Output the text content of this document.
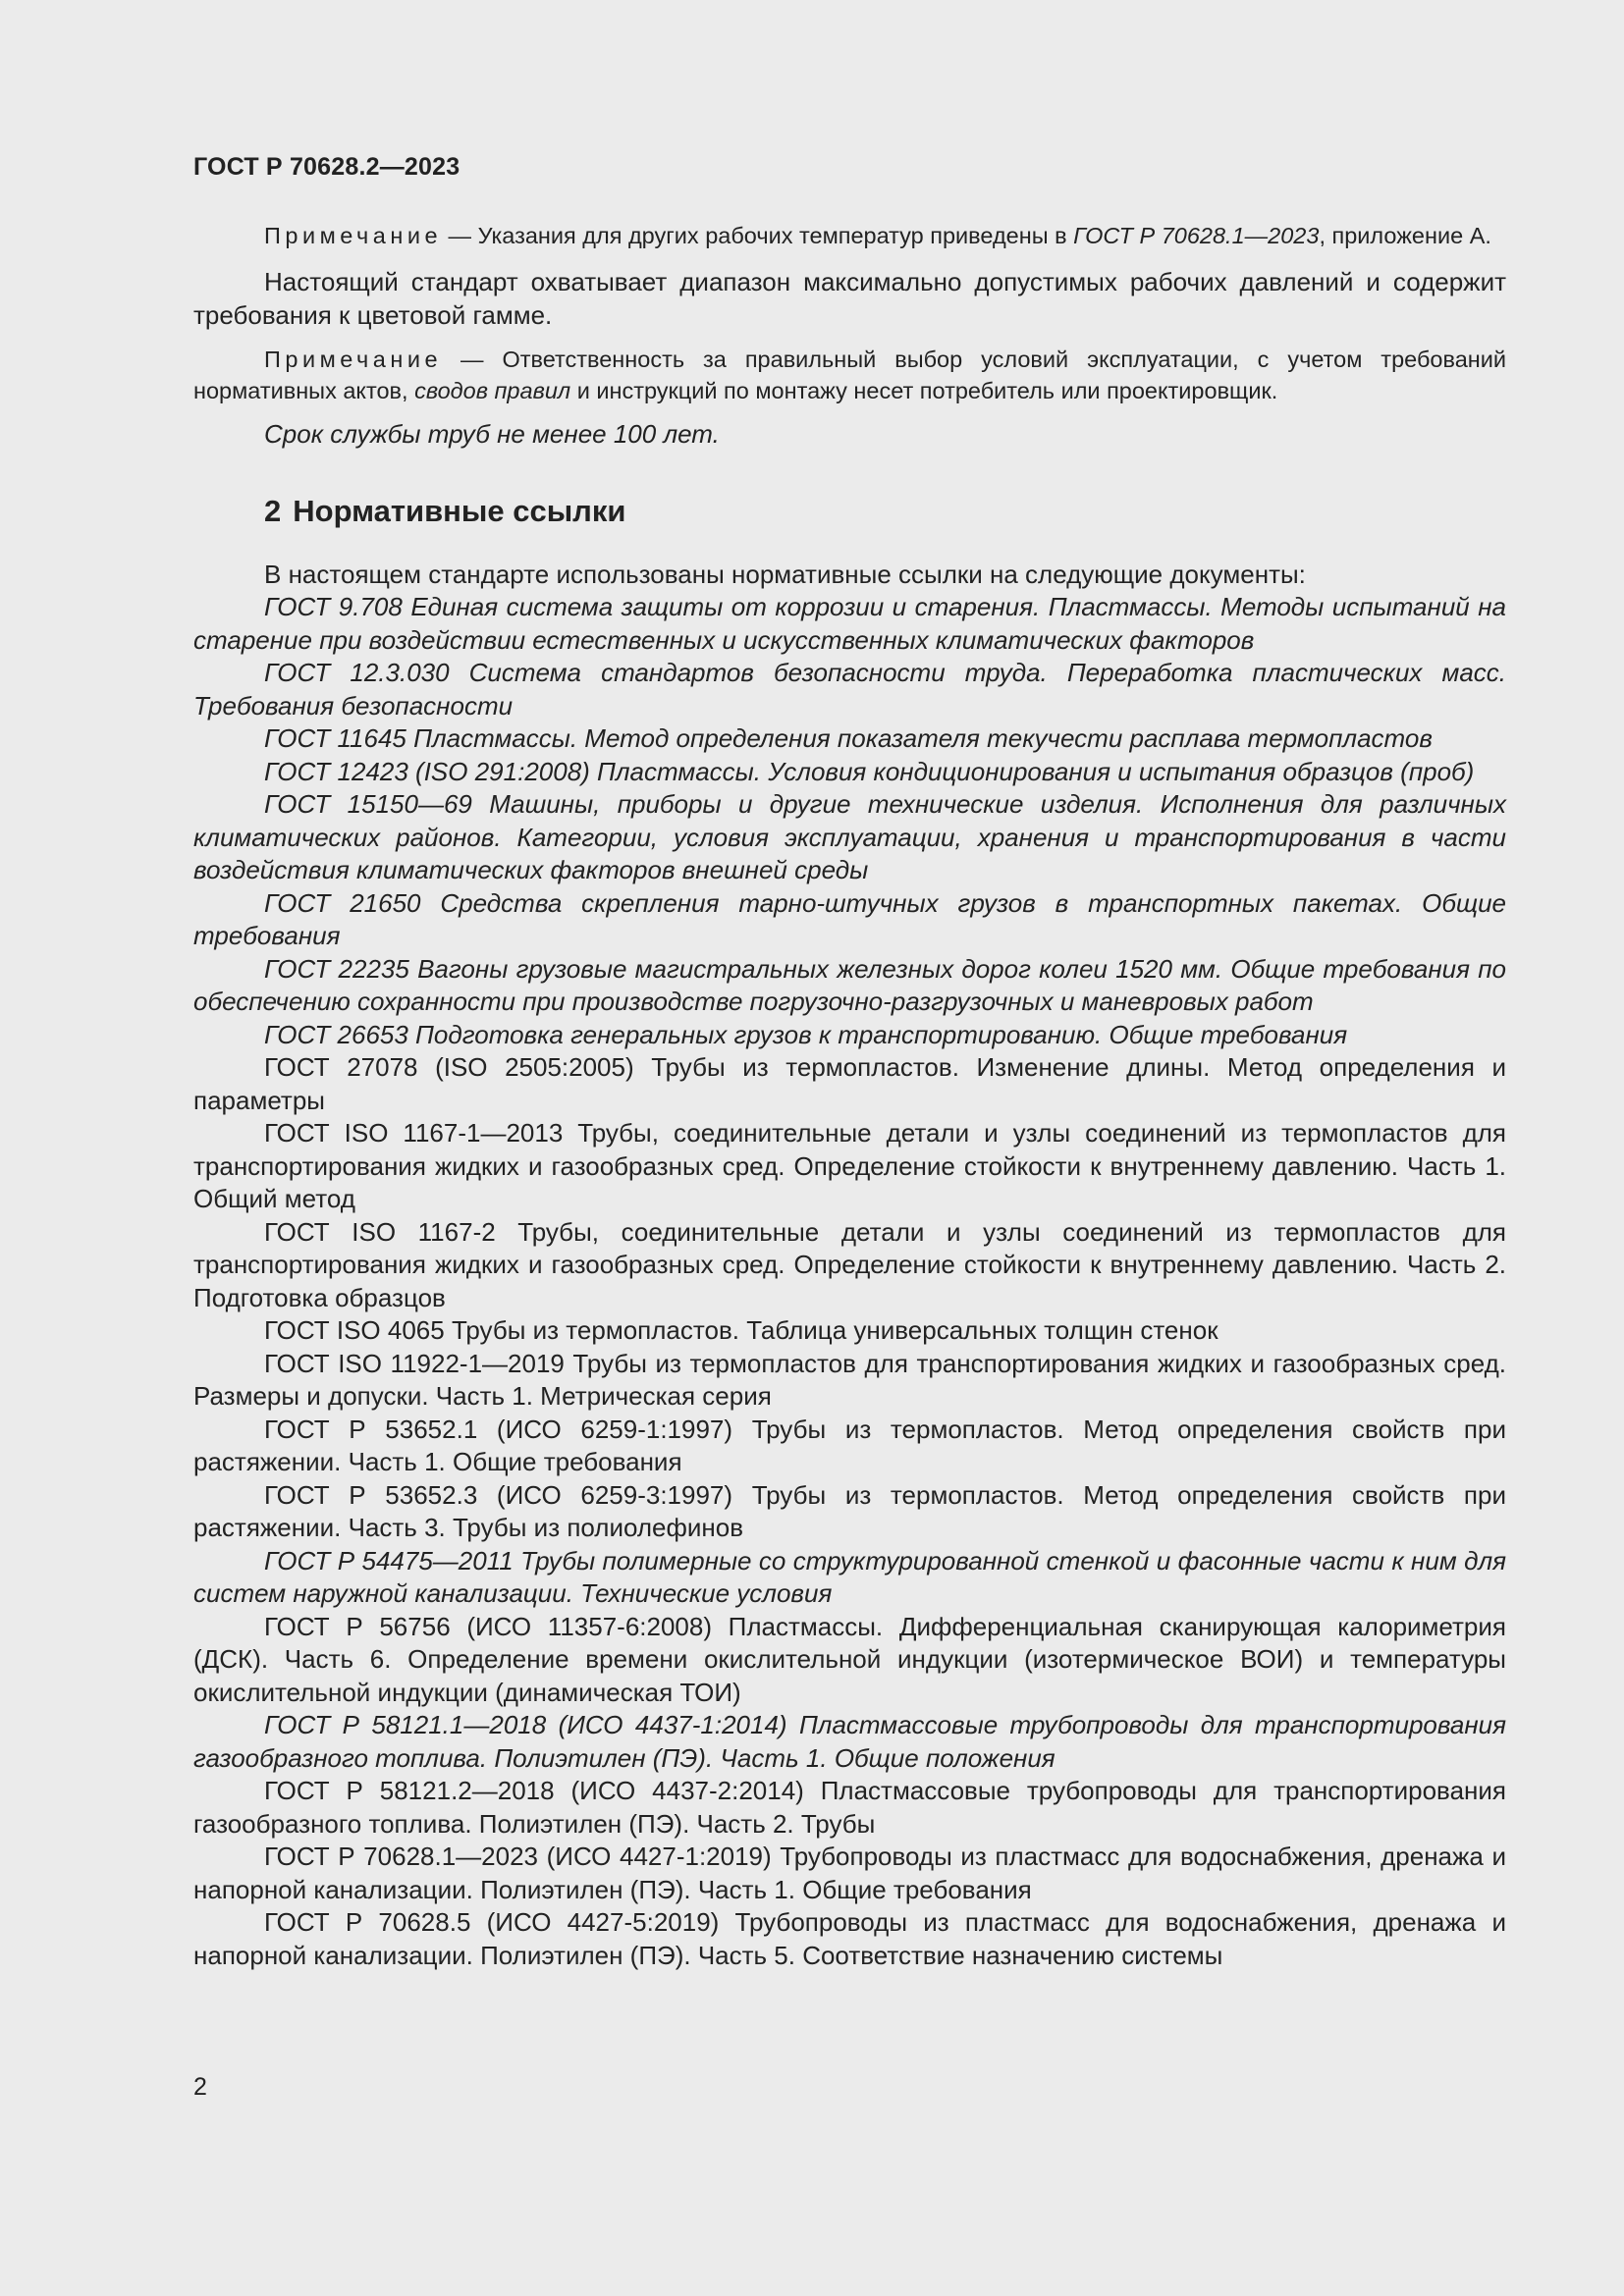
ГОСТ Р 70628.2—2023

Примечание — Указания для других рабочих температур приведены в ГОСТ Р 70628.1—2023, приложение А.

Настоящий стандарт охватывает диапазон максимально допустимых рабочих давлений и содержит требования к цветовой гамме.

Примечание — Ответственность за правильный выбор условий эксплуатации, с учетом требований нормативных актов, сводов правил и инструкций по монтажу несет потребитель или проектировщик.

Срок службы труб не менее 100 лет.

2 Нормативные ссылки

В настоящем стандарте использованы нормативные ссылки на следующие документы:

ГОСТ 9.708 Единая система защиты от коррозии и старения. Пластмассы. Методы испытаний на старение при воздействии естественных и искусственных климатических факторов

ГОСТ 12.3.030 Система стандартов безопасности труда. Переработка пластических масс. Требования безопасности

ГОСТ 11645 Пластмассы. Метод определения показателя текучести расплава термопластов

ГОСТ 12423 (ISO 291:2008) Пластмассы. Условия кондиционирования и испытания образцов (проб)

ГОСТ 15150—69 Машины, приборы и другие технические изделия. Исполнения для различных климатических районов. Категории, условия эксплуатации, хранения и транспортирования в части воздействия климатических факторов внешней среды

ГОСТ 21650 Средства скрепления тарно-штучных грузов в транспортных пакетах. Общие требования

ГОСТ 22235 Вагоны грузовые магистральных железных дорог колеи 1520 мм. Общие требования по обеспечению сохранности при производстве погрузочно-разгрузочных и маневровых работ

ГОСТ 26653 Подготовка генеральных грузов к транспортированию. Общие требования

ГОСТ 27078 (ISO 2505:2005) Трубы из термопластов. Изменение длины. Метод определения и параметры

ГОСТ ISO 1167-1—2013 Трубы, соединительные детали и узлы соединений из термопластов для транспортирования жидких и газообразных сред. Определение стойкости к внутреннему давлению. Часть 1. Общий метод

ГОСТ ISO 1167-2 Трубы, соединительные детали и узлы соединений из термопластов для транспортирования жидких и газообразных сред. Определение стойкости к внутреннему давлению. Часть 2. Подготовка образцов

ГОСТ ISO 4065 Трубы из термопластов. Таблица универсальных толщин стенок

ГОСТ ISO 11922-1—2019 Трубы из термопластов для транспортирования жидких и газообразных сред. Размеры и допуски. Часть 1. Метрическая серия

ГОСТ Р 53652.1 (ИСО 6259-1:1997) Трубы из термопластов. Метод определения свойств при растяжении. Часть 1. Общие требования

ГОСТ Р 53652.3 (ИСО 6259-3:1997) Трубы из термопластов. Метод определения свойств при растяжении. Часть 3. Трубы из полиолефинов

ГОСТ Р 54475—2011 Трубы полимерные со структурированной стенкой и фасонные части к ним для систем наружной канализации. Технические условия

ГОСТ Р 56756 (ИСО 11357-6:2008) Пластмассы. Дифференциальная сканирующая калориметрия (ДСК). Часть 6. Определение времени окислительной индукции (изотермическое ВОИ) и температуры окислительной индукции (динамическая ТОИ)

ГОСТ Р 58121.1—2018 (ИСО 4437-1:2014) Пластмассовые трубопроводы для транспортирования газообразного топлива. Полиэтилен (ПЭ). Часть 1. Общие положения

ГОСТ Р 58121.2—2018 (ИСО 4437-2:2014) Пластмассовые трубопроводы для транспортирования газообразного топлива. Полиэтилен (ПЭ). Часть 2. Трубы

ГОСТ Р 70628.1—2023 (ИСО 4427-1:2019) Трубопроводы из пластмасс для водоснабжения, дренажа и напорной канализации. Полиэтилен (ПЭ). Часть 1. Общие требования

ГОСТ Р 70628.5 (ИСО 4427-5:2019) Трубопроводы из пластмасс для водоснабжения, дренажа и напорной канализации. Полиэтилен (ПЭ). Часть 5. Соответствие назначению системы

2
